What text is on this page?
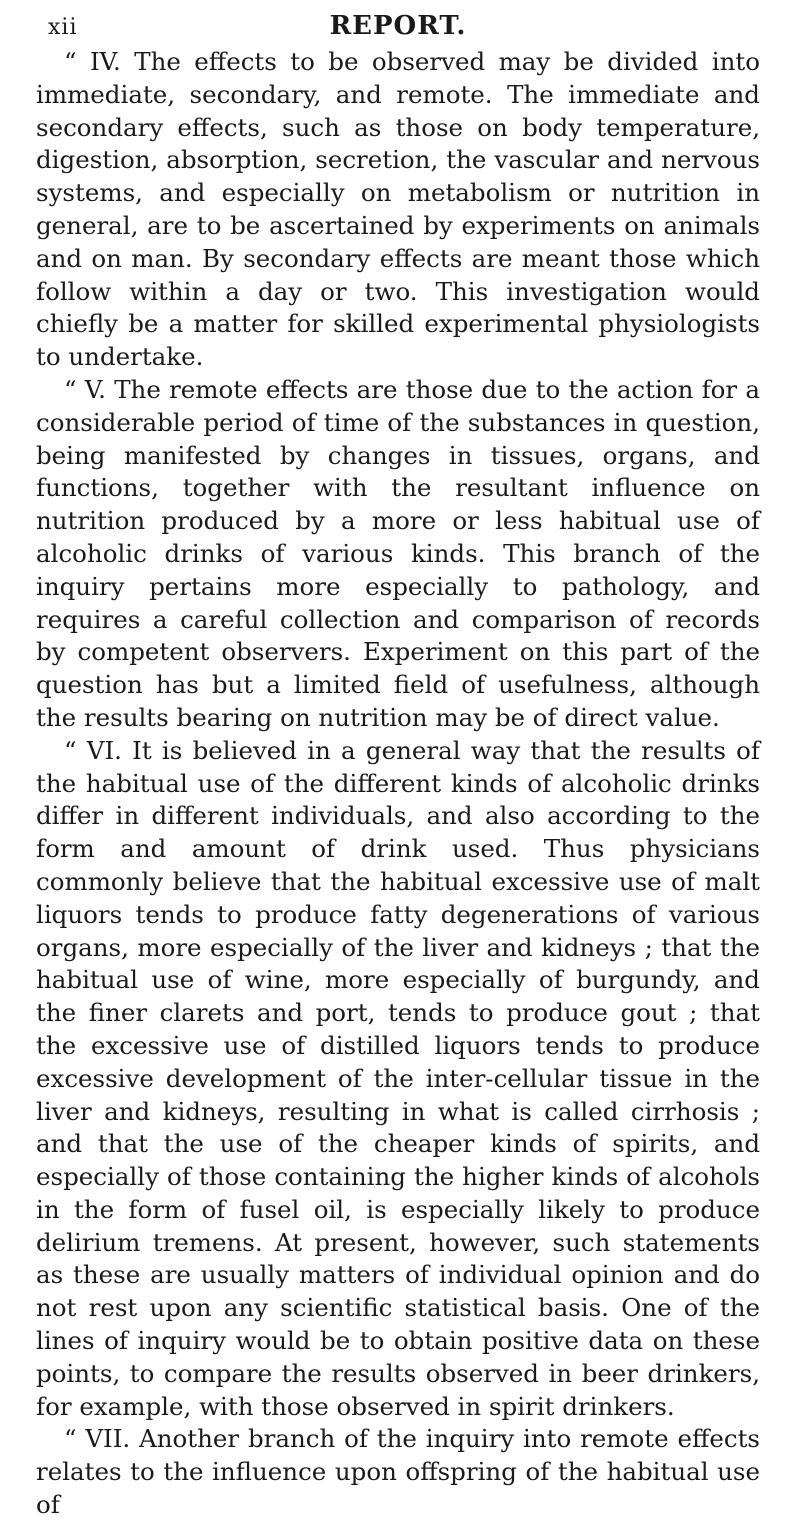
xii	REPORT.

“ IV. The effects to be observed may be divided into immediate, secondary, and remote. The immediate and secondary effects, such as those on body temperature, digestion, absorption, secretion, the vascular and nervous systems, and especially on metabolism or nutrition in general, are to be ascertained by experiments on animals and on man. By secondary effects are meant those which follow within a day or two. This investigation would chiefly be a matter for skilled experimental physiologists to undertake.

“ V. The remote effects are those due to the action for a considerable period of time of the substances in question, being manifested by changes in tissues, organs, and functions, together with the resultant influence on nutrition produced by a more or less habitual use of alcoholic drinks of various kinds. This branch of the inquiry pertains more especially to pathology, and requires a careful collection and comparison of records by competent observers. Experiment on this part of the question has but a limited field of usefulness, although the results bearing on nutrition may be of direct value.

“ VI. It is believed in a general way that the results of the habitual use of the different kinds of alcoholic drinks differ in different individuals, and also according to the form and amount of drink used. Thus physicians commonly believe that the habitual excessive use of malt liquors tends to produce fatty degenerations of various organs, more especially of the liver and kidneys ; that the habitual use of wine, more especially of burgundy, and the finer clarets and port, tends to produce gout ; that the excessive use of distilled liquors tends to produce excessive development of the inter-cellular tissue in the liver and kidneys, resulting in what is called cirrhosis ; and that the use of the cheaper kinds of spirits, and especially of those containing the higher kinds of alcohols in the form of fusel oil, is especially likely to produce delirium tremens. At present, however, such statements as these are usually matters of individual opinion and do not rest upon any scientific statistical basis. One of the lines of inquiry would be to obtain positive data on these points, to compare the results observed in beer drinkers, for example, with those observed in spirit drinkers.

“ VII. Another branch of the inquiry into remote effects relates to the influence upon offspring of the habitual use of
